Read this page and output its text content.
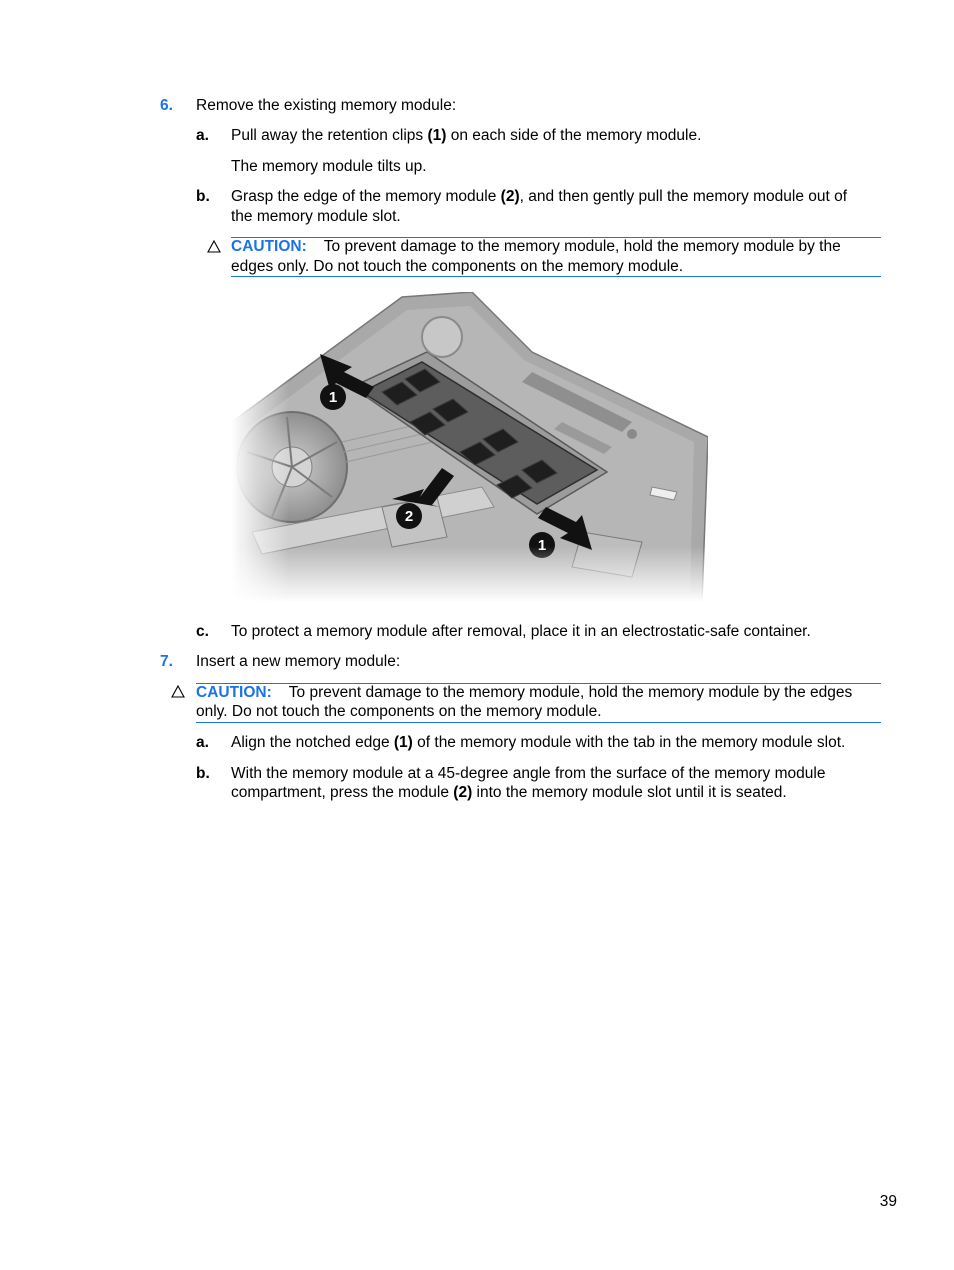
6. Remove the existing memory module:
a. Pull away the retention clips (1) on each side of the memory module.
The memory module tilts up.
b. Grasp the edge of the memory module (2), and then gently pull the memory module out of
the memory module slot.
CAUTION: To prevent damage to the memory module, hold the memory module by the
edges only. Do not touch the components on the memory module.
c. To protect a memory module after removal, place it in an electrostatic-safe container.
7. Insert a new memory module:
CAUTION: To prevent damage to the memory module, hold the memory module by the edges
only. Do not touch the components on the memory module.
a. Align the notched edge (1) of the memory module with the tab in the memory module slot.
b. With the memory module at a 45-degree angle from the surface of the memory module
compartment, press the module (2) into the memory module slot until it is seated.
39
